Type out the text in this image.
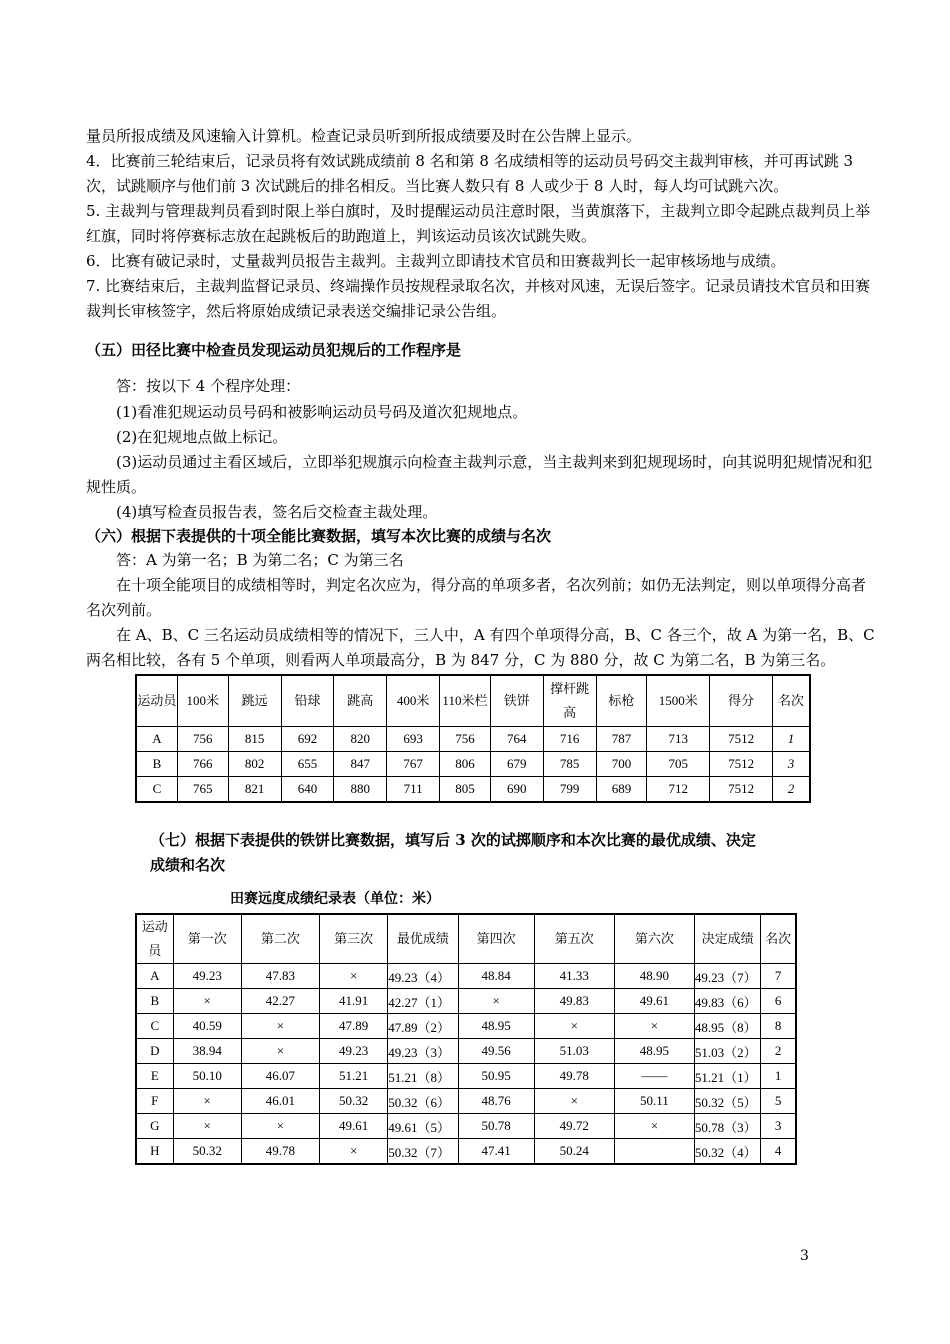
量员所报成绩及风速输入计算机。检查记录员听到所报成绩要及时在公告牌上显示。
4．比赛前三轮结束后，记录员将有效试跳成绩前 8 名和第 8 名成绩相等的运动员号码交主裁判审核，并可再试跳 3 次，试跳顺序与他们前 3 次试跳后的排名相反。当比赛人数只有 8 人或少于 8 人时，每人均可试跳六次。
5. 主裁判与管理裁判员看到时限上举白旗时，及时提醒运动员注意时限，当黄旗落下，主裁判立即令起跳点裁判员上举红旗，同时将停赛标志放在起跳板后的助跑道上，判该运动员该次试跳失败。
6．比赛有破记录时，丈量裁判员报告主裁判。主裁判立即请技术官员和田赛裁判长一起审核场地与成绩。
7. 比赛结束后，主裁判监督记录员、终端操作员按规程录取名次，并核对风速，无误后签字。记录员请技术官员和田赛裁判长审核签字，然后将原始成绩记录表送交编排记录公告组。
（五）田径比赛中检查员发现运动员犯规后的工作程序是
答：按以下 4 个程序处理：
(1)看准犯规运动员号码和被影响运动员号码及道次犯规地点。
(2)在犯规地点做上标记。
(3)运动员通过主看区域后，立即举犯规旗示向检查主裁判示意，当主裁判来到犯规现场时，向其说明犯规情况和犯规性质。
(4)填写检查员报告表，签名后交检查主裁处理。
（六）根据下表提供的十项全能比赛数据，填写本次比赛的成绩与名次
答：A 为第一名；B 为第二名；C 为第三名
在十项全能项目的成绩相等时，判定名次应为，得分高的单项多者，名次列前；如仍无法判定，则以单项得分高者名次列前。
在 A、B、C 三名运动员成绩相等的情况下，三人中，A 有四个单项得分高，B、C 各三个，故 A 为第一名，B、C 两名相比较，各有 5 个单项，则看两人单项最高分，B 为 847 分，C 为 880 分，故 C 为第二名，B 为第三名。
运动员	100米	跳远	铅球	跳高	400米	110米栏	铁饼	撑杆跳高	标枪	1500米	得分	名次
A	756	815	692	820	693	756	764	716	787	713	7512	1
B	766	802	655	847	767	806	679	785	700	705	7512	3
C	765	821	640	880	711	805	690	799	689	712	7512	2
（七）根据下表提供的铁饼比赛数据，填写后 3 次的试掷顺序和本次比赛的最优成绩、决定
成绩和名次
田赛远度成绩纪录表（单位：米）
运动员	第一次	第二次	第三次	最优成绩	第四次	第五次	第六次	决定成绩	名次
A	49.23	47.83	×	49.23（4）	48.84	41.33	48.90	49.23（7）	7
B	×	42.27	41.91	42.27（1）	×	49.83	49.61	49.83（6）	6
C	40.59	×	47.89	47.89（2）	48.95	×	×	48.95（8）	8
D	38.94	×	49.23	49.23（3）	49.56	51.03	48.95	51.03（2）	2
E	50.10	46.07	51.21	51.21（8）	50.95	49.78	——	51.21（1）	1
F	×	46.01	50.32	50.32（6）	48.76	×	50.11	50.32（5）	5
G	×	×	49.61	49.61（5）	50.78	49.72	×	50.78（3）	3
H	50.32	49.78	×	50.32（7）	47.41	50.24		50.32（4）	4
3
